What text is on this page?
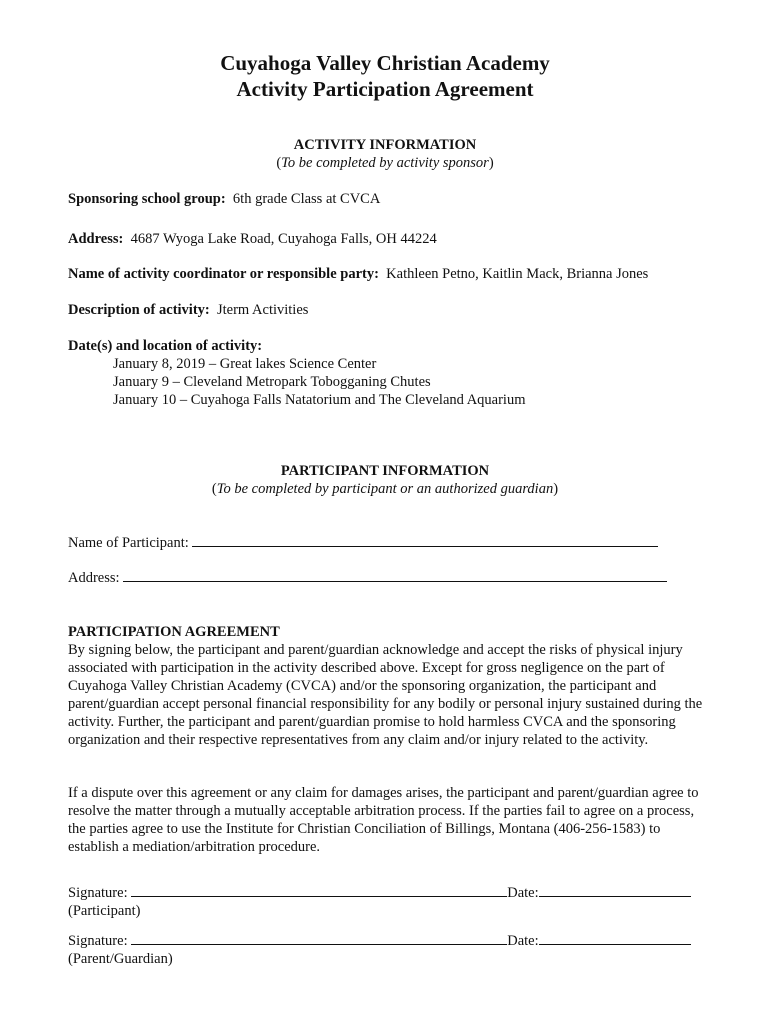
Cuyahoga Valley Christian Academy
Activity Participation Agreement
ACTIVITY INFORMATION
(To be completed by activity sponsor)
Sponsoring school group: 6th grade Class at CVCA
Address: 4687 Wyoga Lake Road, Cuyahoga Falls, OH 44224
Name of activity coordinator or responsible party: Kathleen Petno, Kaitlin Mack, Brianna Jones
Description of activity: Jterm Activities
Date(s) and location of activity:
January 8, 2019 – Great lakes Science Center
January 9 – Cleveland Metropark Tobogganing Chutes
January 10 – Cuyahoga Falls Natatorium and The Cleveland Aquarium
PARTICIPANT INFORMATION
(To be completed by participant or an authorized guardian)
Name of Participant:
Address:
PARTICIPATION AGREEMENT
By signing below, the participant and parent/guardian acknowledge and accept the risks of physical injury associated with participation in the activity described above. Except for gross negligence on the part of Cuyahoga Valley Christian Academy (CVCA) and/or the sponsoring organization, the participant and parent/guardian accept personal financial responsibility for any bodily or personal injury sustained during the activity. Further, the participant and parent/guardian promise to hold harmless CVCA and the sponsoring organization and their respective representatives from any claim and/or injury related to the activity.
If a dispute over this agreement or any claim for damages arises, the participant and parent/guardian agree to resolve the matter through a mutually acceptable arbitration process. If the parties fail to agree on a process, the parties agree to use the Institute for Christian Conciliation of Billings, Montana (406-256-1583) to establish a mediation/arbitration procedure.
Signature:	Date:
(Participant)
Signature:	Date:
(Parent/Guardian)
